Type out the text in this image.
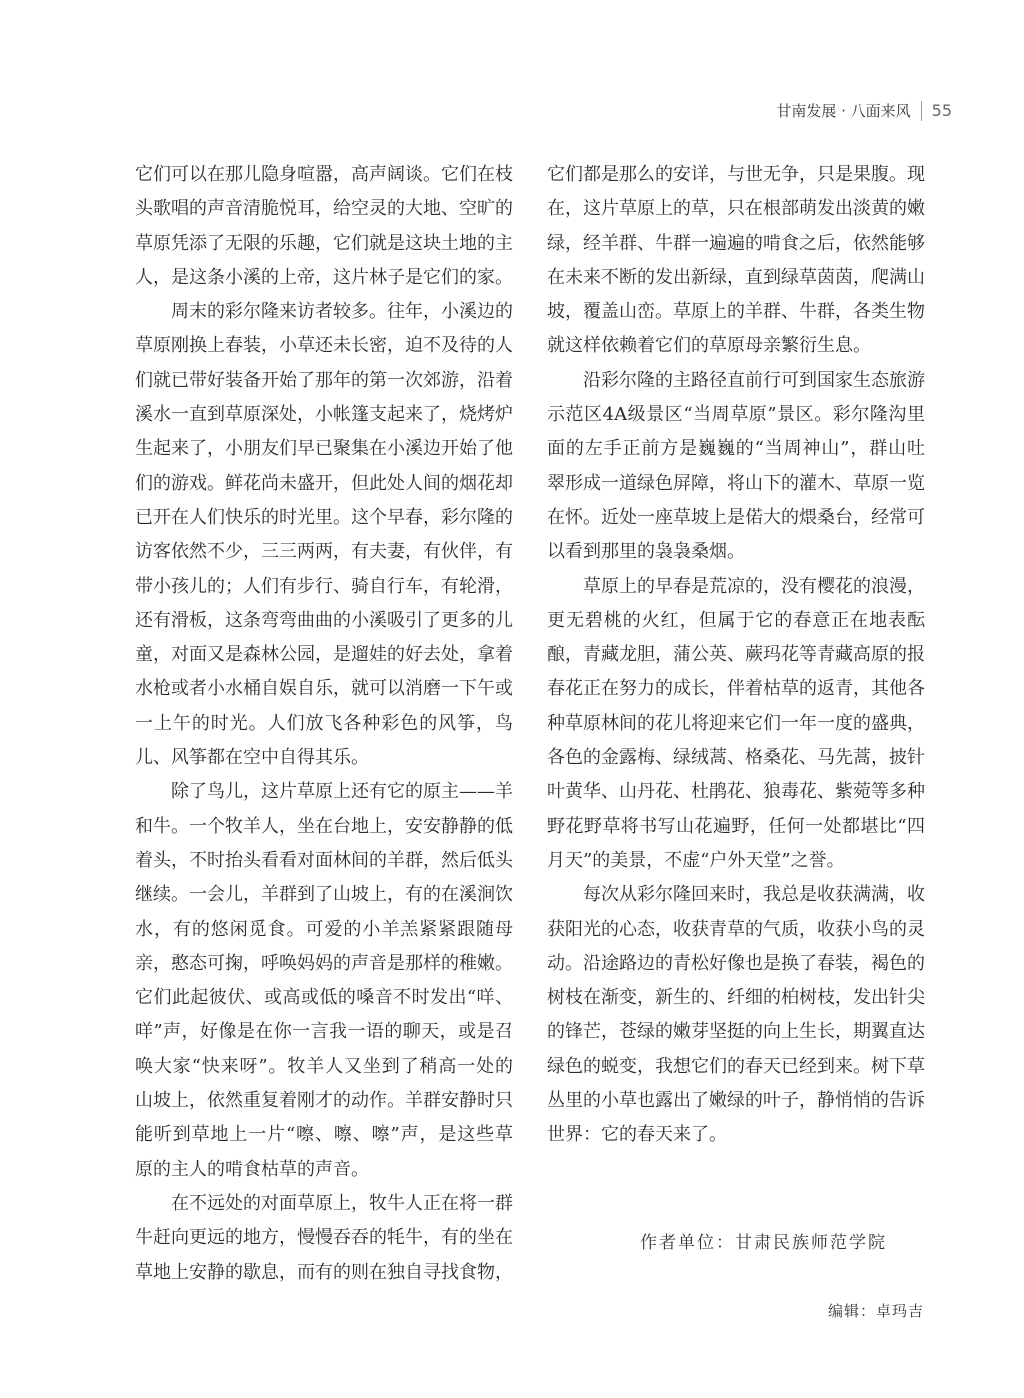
甘南发展 · 八面来风 55

它们可以在那儿隐身喧嚣，高声阔谈。它们在枝头歌唱的声音清脆悦耳，给空灵的大地、空旷的草原凭添了无限的乐趣，它们就是这块土地的主人，是这条小溪的上帝，这片林子是它们的家。

周末的彩尔隆来访者较多。往年，小溪边的草原刚换上春装，小草还未长密，迫不及待的人们就已带好装备开始了那年的第一次郊游，沿着溪水一直到草原深处，小帐篷支起来了，烧烤炉生起来了，小朋友们早已聚集在小溪边开始了他们的游戏。鲜花尚未盛开，但此处人间的烟花却已开在人们快乐的时光里。这个早春，彩尔隆的访客依然不少，三三两两，有夫妻，有伙伴，有带小孩儿的；人们有步行、骑自行车，有轮滑，还有滑板，这条弯弯曲曲的小溪吸引了更多的儿童，对面又是森林公园，是遛娃的好去处，拿着水枪或者小水桶自娱自乐，就可以消磨一下午或一上午的时光。人们放飞各种彩色的风筝，鸟儿、风筝都在空中自得其乐。

除了鸟儿，这片草原上还有它的原主——羊和牛。一个牧羊人，坐在台地上，安安静静的低着头，不时抬头看看对面林间的羊群，然后低头继续。一会儿，羊群到了山坡上，有的在溪涧饮水，有的悠闲觅食。可爱的小羊羔紧紧跟随母亲，憨态可掬，呼唤妈妈的声音是那样的稚嫩。它们此起彼伏、或高或低的嗓音不时发出“咩、咩”声，好像是在你一言我一语的聊天，或是召唤大家“快来呀”。牧羊人又坐到了稍高一处的山坡上，依然重复着刚才的动作。羊群安静时只能听到草地上一片“嚓、嚓、嚓”声，是这些草原的主人的啃食枯草的声音。

在不远处的对面草原上，牧牛人正在将一群牛赶向更远的地方，慢慢吞吞的牦牛，有的坐在草地上安静的歇息，而有的则在独自寻找食物，

它们都是那么的安详，与世无争，只是果腹。现在，这片草原上的草，只在根部萌发出淡黄的嫩绿，经羊群、牛群一遍遍的啃食之后，依然能够在未来不断的发出新绿，直到绿草茵茵，爬满山坡，覆盖山峦。草原上的羊群、牛群，各类生物就这样依赖着它们的草原母亲繁衍生息。

沿彩尔隆的主路径直前行可到国家生态旅游示范区4A级景区“当周草原”景区。彩尔隆沟里面的左手正前方是巍巍的“当周神山”，群山吐翠形成一道绿色屏障，将山下的灌木、草原一览在怀。近处一座草坡上是偌大的煨桑台，经常可以看到那里的袅袅桑烟。

草原上的早春是荒凉的，没有樱花的浪漫，更无碧桃的火红，但属于它的春意正在地表酝酿，青藏龙胆，蒲公英、蕨玛花等青藏高原的报春花正在努力的成长，伴着枯草的返青，其他各种草原林间的花儿将迎来它们一年一度的盛典，各色的金露梅、绿绒蒿、格桑花、马先蒿，披针叶黄华、山丹花、杜鹃花、狼毒花、紫菀等多种野花野草将书写山花遍野，任何一处都堪比“四月天”的美景，不虚“户外天堂”之誉。

每次从彩尔隆回来时，我总是收获满满，收获阳光的心态，收获青草的气质，收获小鸟的灵动。沿途路边的青松好像也是换了春装，褐色的树枝在渐变，新生的、纤细的柏树枝，发出针尖的锋芒，苍绿的嫩芽坚挺的向上生长，期翼直达绿色的蜕变，我想它们的春天已经到来。树下草丛里的小草也露出了嫩绿的叶子，静悄悄的告诉世界：它的春天来了。

作者单位：甘肃民族师范学院
编辑：卓玛吉
